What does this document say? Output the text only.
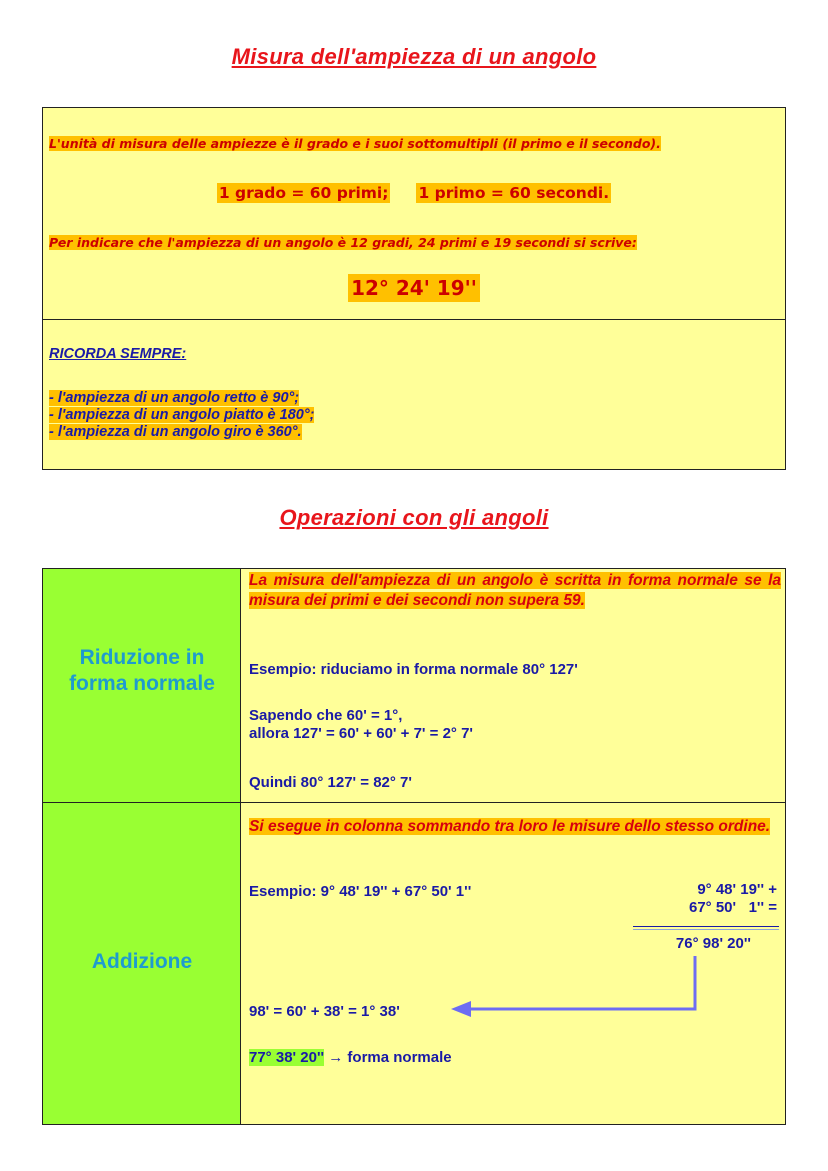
Misura dell'ampiezza di un angolo
L'unità di misura delle ampiezze è il grado e i suoi sottomultipli (il primo e il secondo).
1 grado = 60 primi; 1 primo = 60 secondi.
Per indicare che l'ampiezza di un angolo è 12 gradi, 24 primi e 19 secondi si scrive:
12° 24' 19''
RICORDA SEMPRE:
- l'ampiezza di un angolo retto è 90°;
- l'ampiezza di un angolo piatto è 180°;
- l'ampiezza di un angolo giro è 360°.
Operazioni con gli angoli
Riduzione in
forma normale
Addizione
La misura dell'ampiezza di un angolo è scritta in forma normale se la misura dei primi e dei secondi non supera 59.
Esempio: riduciamo in forma normale 80° 127'
Sapendo che 60' = 1°,
allora 127' = 60' + 60' + 7' = 2° 7'
Quindi 80° 127' = 82° 7'
Si esegue in colonna sommando tra loro le misure dello stesso ordine.
Esempio: 9° 48' 19'' + 67° 50' 1''	9° 48' 19'' +
67° 50'   1'' =
76° 98' 20''
98' = 60' + 38' = 1° 38'
77° 38' 20'' → forma normale
